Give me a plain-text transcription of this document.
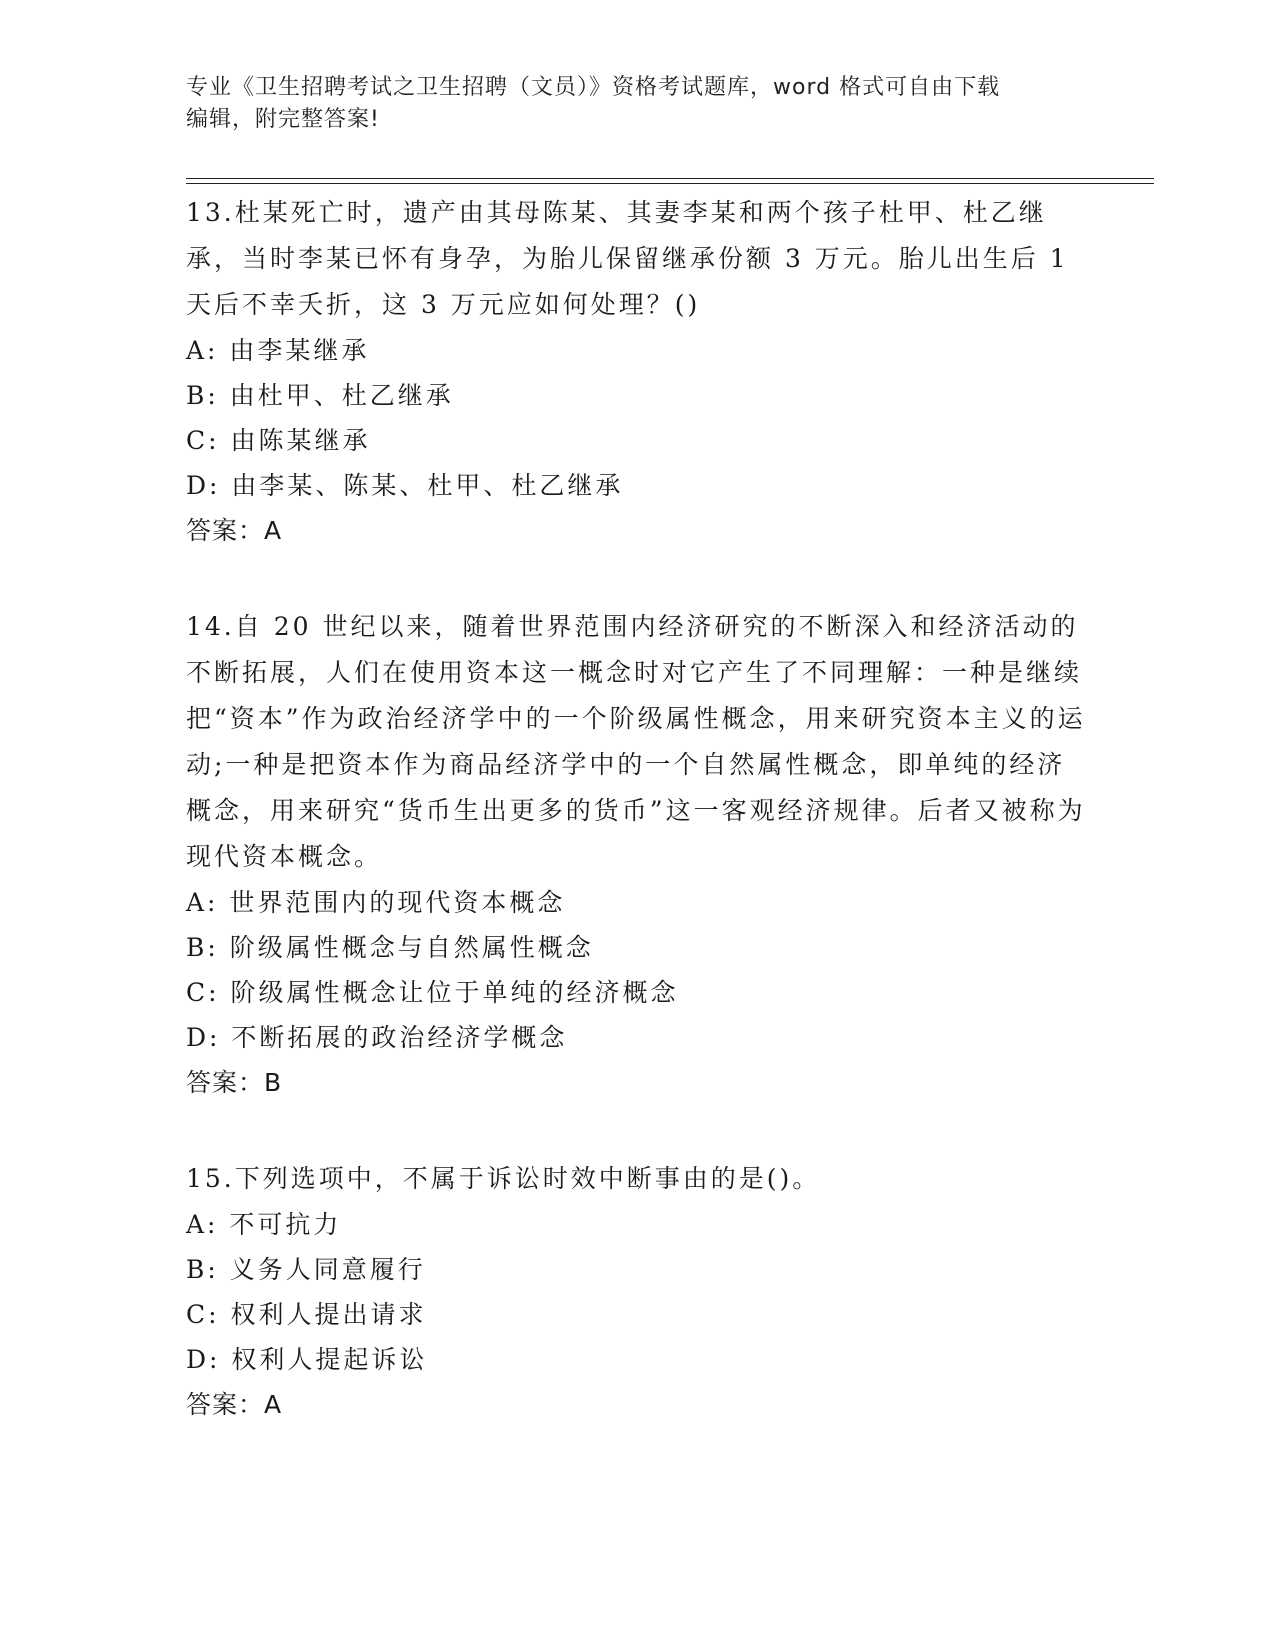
专业《卫生招聘考试之卫生招聘（文员）》资格考试题库，word 格式可自由下载
编辑，附完整答案!

13.杜某死亡时，遗产由其母陈某、其妻李某和两个孩子杜甲、杜乙继承，当时李某已怀有身孕，为胎儿保留继承份额 3 万元。胎儿出生后 1 天后不幸夭折，这 3 万元应如何处理？()

A: 由李某继承

B: 由杜甲、杜乙继承

C: 由陈某继承

D: 由李某、陈某、杜甲、杜乙继承

答案：A

14.自 20 世纪以来，随着世界范围内经济研究的不断深入和经济活动的不断拓展，人们在使用资本这一概念时对它产生了不同理解：一种是继续把“资本”作为政治经济学中的一个阶级属性概念，用来研究资本主义的运动;一种是把资本作为商品经济学中的一个自然属性概念，即单纯的经济概念，用来研究“货币生出更多的货币”这一客观经济规律。后者又被称为现代资本概念。

A: 世界范围内的现代资本概念

B: 阶级属性概念与自然属性概念

C: 阶级属性概念让位于单纯的经济概念

D: 不断拓展的政治经济学概念

答案：B

15.下列选项中，不属于诉讼时效中断事由的是()。

A: 不可抗力

B: 义务人同意履行

C: 权利人提出请求

D: 权利人提起诉讼

答案：A
